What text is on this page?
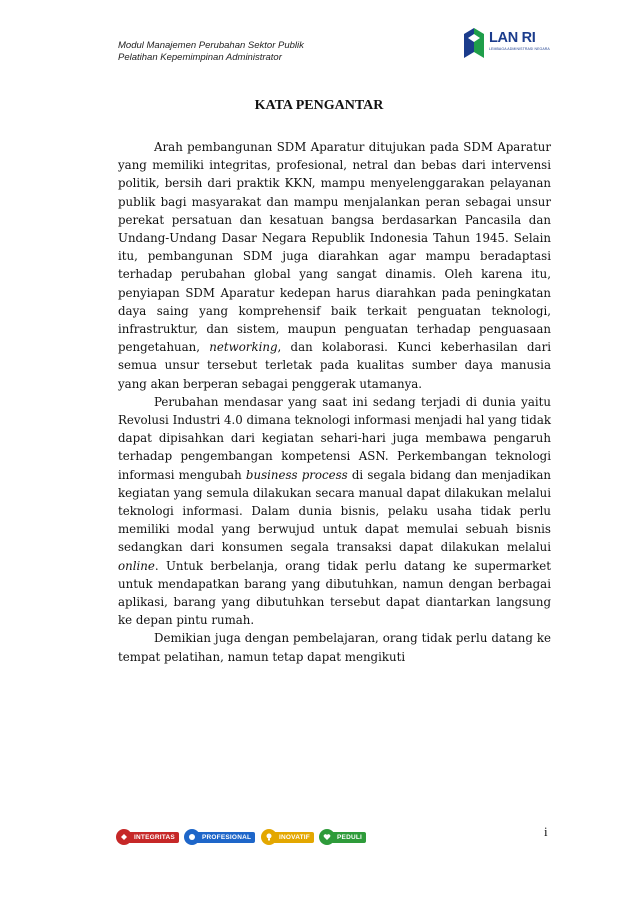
Modul Manajemen Perubahan Sektor Publik
Pelatihan Kepemimpinan Administrator
LAN RI
LEMBAGA ADMINISTRASI NEGARA
KATA PENGANTAR

Arah pembangunan SDM Aparatur ditujukan pada SDM Aparatur yang memiliki integritas, profesional, netral dan bebas dari intervensi politik, bersih dari praktik KKN, mampu menyelenggarakan pelayanan publik bagi masyarakat dan mampu menjalankan peran sebagai unsur perekat persatuan dan kesatuan bangsa berdasarkan Pancasila dan Undang-Undang Dasar Negara Republik Indonesia Tahun 1945. Selain itu, pembangunan SDM juga diarahkan agar mampu beradaptasi terhadap perubahan global yang sangat dinamis. Oleh karena itu, penyiapan SDM Aparatur kedepan harus diarahkan pada peningkatan daya saing yang komprehensif baik terkait penguatan teknologi, infrastruktur, dan sistem, maupun penguatan terhadap penguasaan pengetahuan, networking, dan kolaborasi. Kunci keberhasilan dari semua unsur tersebut terletak pada kualitas sumber daya manusia yang akan berperan sebagai penggerak utamanya.

Perubahan mendasar yang saat ini sedang terjadi di dunia yaitu Revolusi Industri 4.0 dimana teknologi informasi menjadi hal yang tidak dapat dipisahkan dari kegiatan sehari-hari juga membawa pengaruh terhadap pengembangan kompetensi ASN. Perkembangan teknologi informasi mengubah business process di segala bidang dan menjadikan kegiatan yang semula dilakukan secara manual dapat dilakukan melalui teknologi informasi. Dalam dunia bisnis, pelaku usaha tidak perlu memiliki modal yang berwujud untuk dapat memulai sebuah bisnis sedangkan dari konsumen segala transaksi dapat dilakukan melalui online. Untuk berbelanja, orang tidak perlu datang ke supermarket untuk mendapatkan barang yang dibutuhkan, namun dengan berbagai aplikasi, barang yang dibutuhkan tersebut dapat diantarkan langsung ke depan pintu rumah.

Demikian juga dengan pembelajaran, orang tidak perlu datang ke tempat pelatihan, namun tetap dapat mengikuti

INTEGRITAS	PROFESIONAL	INOVATIF	PEDULI	i
